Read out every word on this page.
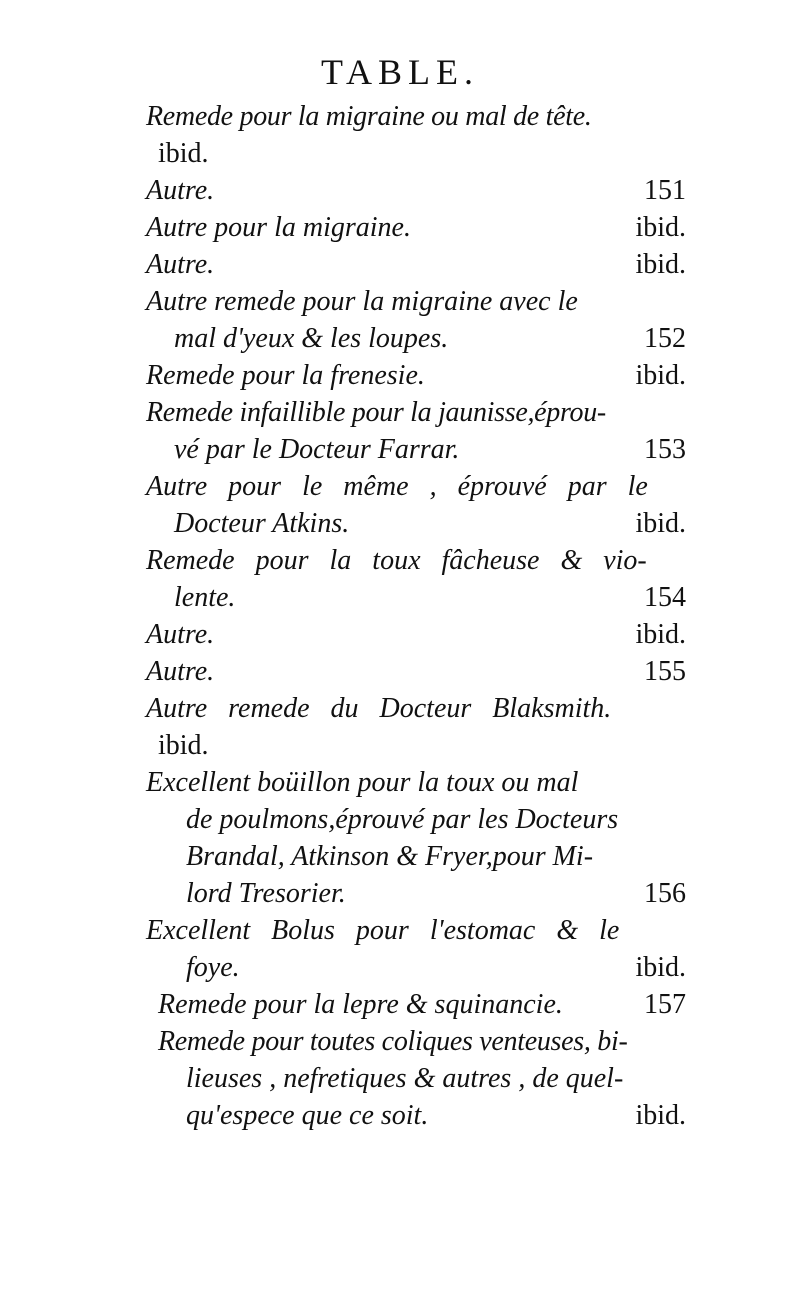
TABLE.
Remede pour la migraine ou mal de tête.
ibid.
Autre.	151
Autre pour la migraine.	ibid.
Autre.	ibid.
Autre remede pour la migraine avec le
mal d'yeux & les loupes.	152
Remede pour la frenesie.	ibid.
Remede infaillible pour la jaunisse,éprou-
vé par le Docteur Farrar.	153
Autre pour le même , éprouvé par le
Docteur Atkins.	ibid.
Remede pour la toux fâcheuse & vio-
lente.	154
Autre.	ibid.
Autre.	155
Autre remede du Docteur Blaksmith.
ibid.
Excellent boüillon pour la toux ou mal
de poulmons,éprouvé par les Docteurs
Brandal, Atkinson & Fryer,pour Mi-
lord Tresorier.	156
Excellent Bolus pour l'estomac & le
foye.	ibid.
Remede pour la lepre & squinancie.	157
Remede pour toutes coliques venteuses, bi-
lieuses , nefretiques & autres , de quel-
qu'espece que ce soit.	ibid.
